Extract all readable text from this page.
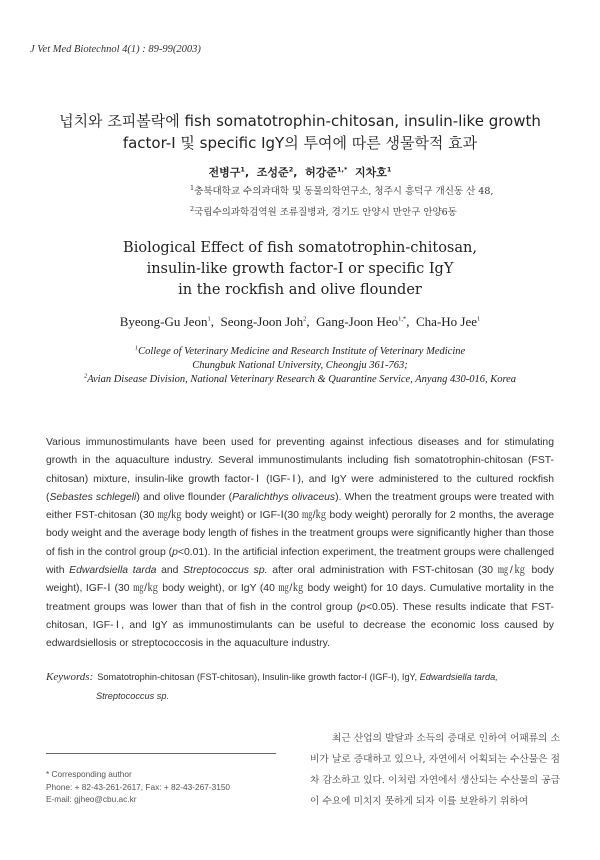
J Vet Med Biotechnol 4(1) : 89-99(2003)
넙치와 조피볼락에 fish somatotrophin-chitosan, insulin-like growth
factor-Ⅰ 및 specific IgY의 투여에 따른 생물학적 효과
전병구$^1$,  조성준$^2$,  허강준$^{1,*}$ 지차호$^1$
$^1$충북대학교 수의과대학 및 동물의학연구소, 청주시 흥덕구 개신동 산 48,
$^2$국립수의과학검역원 조류질병과, 경기도 안양시 만안구 안양6동
Biological Effect of fish somatotrophin-chitosan,
insulin-like growth factor-Ⅰ or specific IgY
in the rockfish and olive flounder
Byeong-Gu Jeon$^1$,  Seong-Joon Joh$^2$,  Gang-Joon Heo$^{1,*}$,  Cha-Ho Jee$^1$
$^1$College of Veterinary Medicine and Research Institute of Veterinary Medicine
Chungbuk National University, Cheongju 361-763;
$^2$Avian Disease Division, National Veterinary Research & Quarantine Service, Anyang 430-016, Korea
Various immunostimulants have been used for preventing against infectious diseases and for stimulating growth in the aquaculture industry. Several immunostimulants including fish somatotrophin-chitosan (FST-chitosan) mixture, insulin-like growth factor-Ⅰ (IGF-Ⅰ), and IgY were administered to the cultured rockfish (Sebastes schlegeli) and olive flounder (Paralichthys olivaceus). When the treatment groups were treated with either FST-chitosan (30 ㎎/㎏ body weight) or IGF-Ⅰ(30 ㎎/㎏ body weight) perorally for 2 months, the average body weight and the average body length of fishes in the treatment groups were significantly higher than those of fish in the control group (p<0.01). In the artificial infection experiment, the treatment groups were challenged with Edwardsiella tarda and Streptococcus sp. after oral administration with FST-chitosan (30 ㎎/㎏ body weight), IGF-Ⅰ (30 ㎎/㎏ body weight), or IgY (40 ㎎/㎏ body weight) for 10 days. Cumulative mortality in the treatment groups was lower than that of fish in the control group (p<0.05). These results indicate that FST-chitosan, IGF-Ⅰ, and IgY as immunostimulants can be useful to decrease the economic loss caused by edwardsiellosis or streptococcosis in the aquaculture industry.
Keywords: Somatotrophin-chitosan (FST-chitosan), Insulin-like growth factor-Ⅰ (IGF-Ⅰ), IgY, Edwardsiella tarda,
Streptococcus sp.

최근 산업의 발달과 소득의 증대로 인하여 어패류의 소비가 날로 증대하고 있으나, 자연에서 어획되는 수산물은 점차 감소하고 있다. 이처럼 자연에서 생산되는 수산물의 공급이 수요에 미치지 못하게 되자 이를 보완하기 위하여

* Corresponding author
Phone: + 82-43-261-2617, Fax: + 82-43-267-3150
E-mail: gjheo@cbu.ac.kr
